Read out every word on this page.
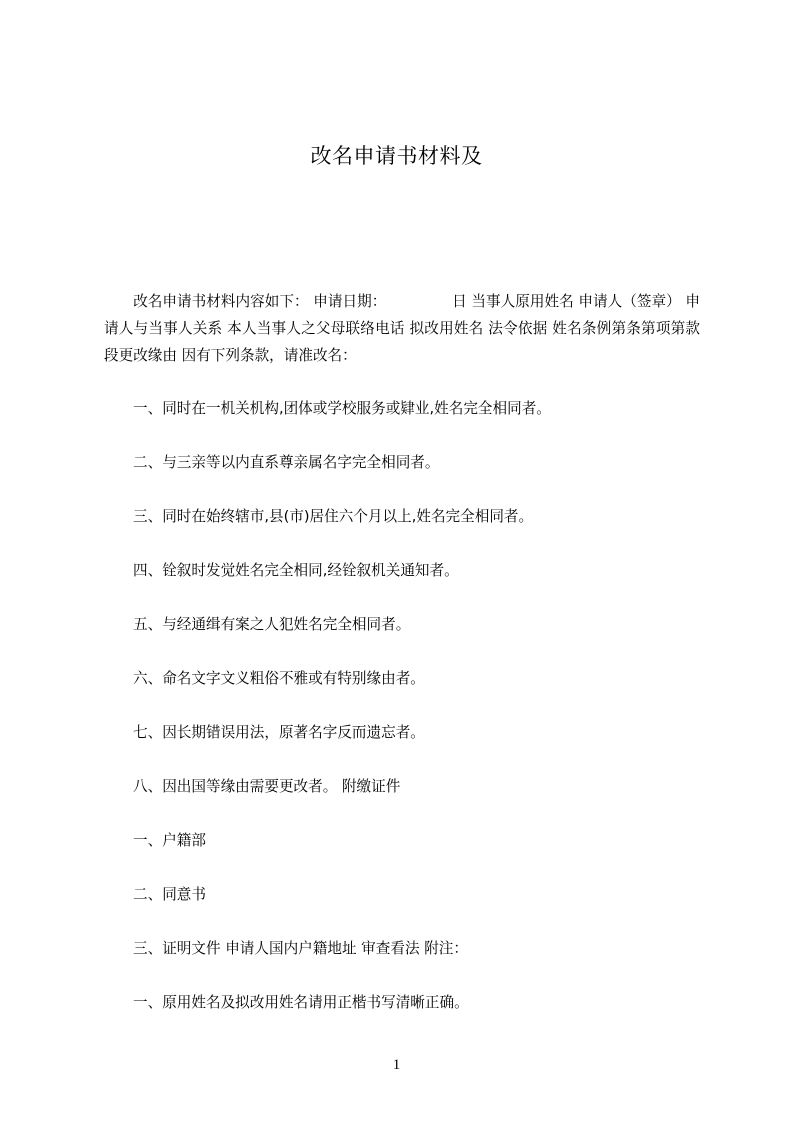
改名申请书材料及

改名申请书材料内容如下： 申请日期：　　　　　日 当事人原用姓名 申请人（签章） 申请人与当事人关系 本人当事人之父母联络电话 拟改用姓名 法令依据 姓名条例第条第项第款段更改缘由 因有下列条款，请准改名：

一、同时在一机关机构,团体或学校服务或肄业,姓名完全相同者。

二、与三亲等以内直系尊亲属名字完全相同者。

三、同时在始终辖市,县(市)居住六个月以上,姓名完全相同者。

四、铨叙时发觉姓名完全相同,经铨叙机关通知者。

五、与经通缉有案之人犯姓名完全相同者。

六、命名文字文义粗俗不雅或有特别缘由者。

七、因长期错误用法，原著名字反而遗忘者。

八、因出国等缘由需要更改者。 附缴证件

一、户籍部

二、同意书

三、证明文件 申请人国内户籍地址 审查看法 附注：

一、原用姓名及拟改用姓名请用正楷书写清晰正确。

1
